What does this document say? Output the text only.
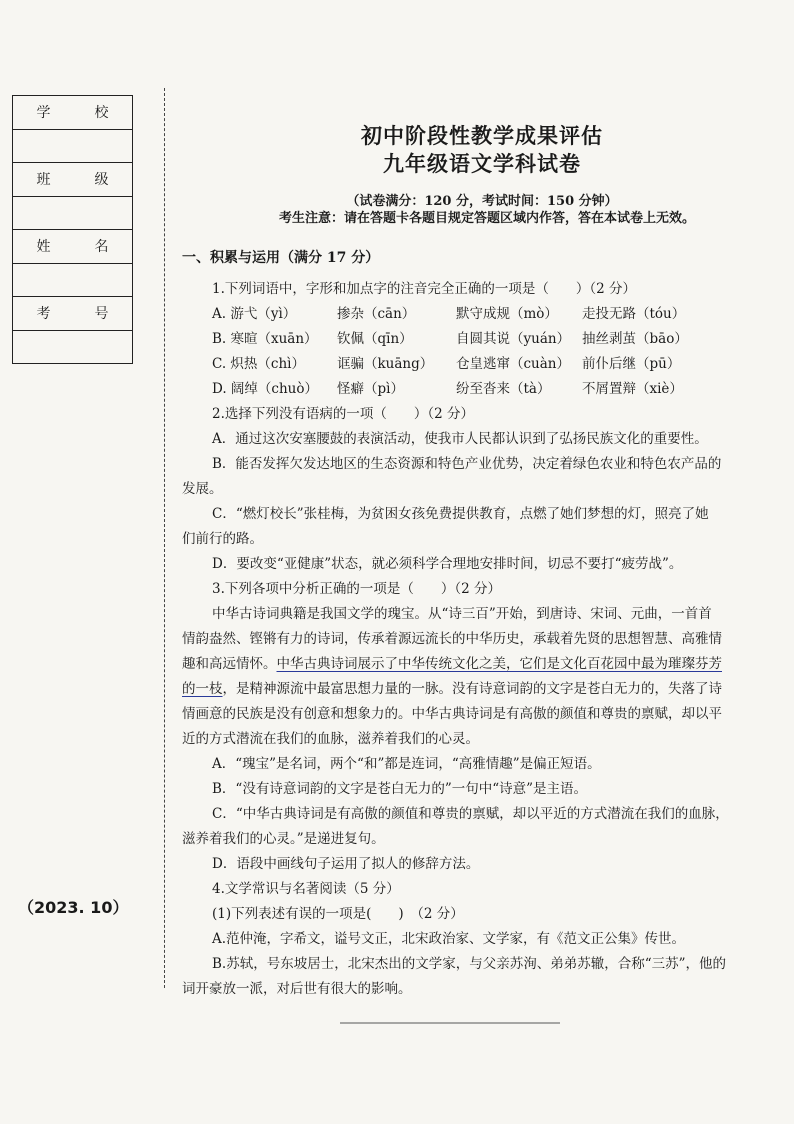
学	校

班	级

姓	名

考	号

（2023. 10）
初中阶段性教学成果评估
九年级语文学科试卷
（试卷满分：120 分，考试时间：150 分钟）
考生注意：请在答题卡各题目规定答题区域内作答，答在本试卷上无效。
一、积累与运用（满分 17 分）
1.下列词语中，字形和加点字的注音完全正确的一项是（　　）（2 分）
A. 游弋（yì）	掺杂（cān）	默守成规（mò） 走投无路（tóu）
B. 寒暄（xuān） 钦佩（qīn）	自圆其说（yuán） 抽丝剥茧（bāo）
C. 炽热（chì） 诓骗（kuāng） 仓皇逃窜（cuàn） 前仆后继（pū）
D. 阔绰（chuò） 怪癖（pì）	纷至沓来（tà） 不屑置辩（xiè）
2.选择下列没有语病的一项（　　）（2 分）
A．通过这次安塞腰鼓的表演活动，使我市人民都认识到了弘扬民族文化的重要性。
B．能否发挥欠发达地区的生态资源和特色产业优势，决定着绿色农业和特色农产品的
发展。
C．“燃灯校长”张桂梅，为贫困女孩免费提供教育，点燃了她们梦想的灯，照亮了她
们前行的路。
D．要改变“亚健康”状态，就必须科学合理地安排时间，切忌不要打“疲劳战”。
3.下列各项中分析正确的一项是（　　）（2 分）
中华古诗词典籍是我国文学的瑰宝。从“诗三百”开始，到唐诗、宋词、元曲，一首首
情韵盎然、铿锵有力的诗词，传承着源远流长的中华历史，承载着先贤的思想智慧、高雅情
趣和高远情怀。中华古典诗词展示了中华传统文化之美，它们是文化百花园中最为璀璨芬芳
的一枝，是精神源流中最富思想力量的一脉。没有诗意词韵的文字是苍白无力的，失落了诗
情画意的民族是没有创意和想象力的。中华古典诗词是有高傲的颜值和尊贵的禀赋，却以平
近的方式潜流在我们的血脉，滋养着我们的心灵。
A．“瑰宝”是名词，两个“和”都是连词，“高雅情趣”是偏正短语。
B．“没有诗意词韵的文字是苍白无力的”一句中“诗意”是主语。
C．“中华古典诗词是有高傲的颜值和尊贵的禀赋，却以平近的方式潜流在我们的血脉，
滋养着我们的心灵。”是递进复句。
D．语段中画线句子运用了拟人的修辞方法。
4.文学常识与名著阅读（5 分）
(1)下列表述有误的一项是(　　)　（2 分）
A.范仲淹，字希文，谥号文正，北宋政治家、文学家，有《范文正公集》传世。
B.苏轼，号东坡居士，北宋杰出的文学家，与父亲苏洵、弟弟苏辙，合称“三苏”，他的
词开豪放一派，对后世有很大的影响。
